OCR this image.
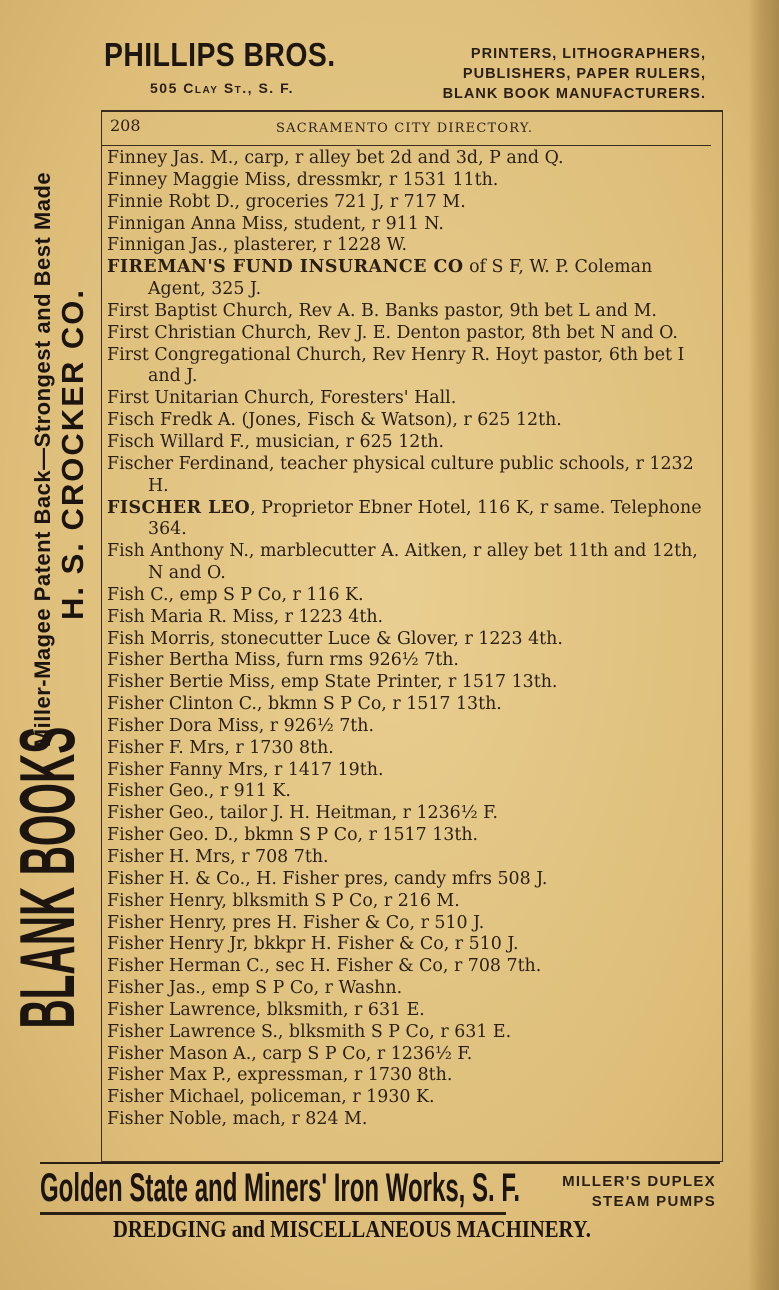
PHILLIPS BROS.
505 Clay St., S. F.
PRINTERS, LITHOGRAPHERS,
PUBLISHERS, PAPER RULERS,
BLANK BOOK MANUFACTURERS.
Miller-Magee Patent Back—Strongest and Best Made H. S. CROCKER CO.
BLANK BOOKS
208	SACRAMENTO CITY DIRECTORY.
Finney Jas. M., carp, r alley bet 2d and 3d, P and Q.
Finney Maggie Miss, dressmkr, r 1531 11th.
Finnie Robt D., groceries 721 J, r 717 M.
Finnigan Anna Miss, student, r 911 N.
Finnigan Jas., plasterer, r 1228 W.
FIREMAN'S FUND INSURANCE CO of S F, W. P. Coleman Agent, 325 J.
First Baptist Church, Rev A. B. Banks pastor, 9th bet L and M.
First Christian Church, Rev J. E. Denton pastor, 8th bet N and O.
First Congregational Church, Rev Henry R. Hoyt pastor, 6th bet I and J.
First Unitarian Church, Foresters' Hall.
Fisch Fredk A. (Jones, Fisch & Watson), r 625 12th.
Fisch Willard F., musician, r 625 12th.
Fischer Ferdinand, teacher physical culture public schools, r 1232 H.
FISCHER LEO, Proprietor Ebner Hotel, 116 K, r same. Telephone 364.
Fish Anthony N., marblecutter A. Aitken, r alley bet 11th and 12th, N and O.
Fish C., emp S P Co, r 116 K.
Fish Maria R. Miss, r 1223 4th.
Fish Morris, stonecutter Luce & Glover, r 1223 4th.
Fisher Bertha Miss, furn rms 926½ 7th.
Fisher Bertie Miss, emp State Printer, r 1517 13th.
Fisher Clinton C., bkmn S P Co, r 1517 13th.
Fisher Dora Miss, r 926½ 7th.
Fisher F. Mrs, r 1730 8th.
Fisher Fanny Mrs, r 1417 19th.
Fisher Geo., r 911 K.
Fisher Geo., tailor J. H. Heitman, r 1236½ F.
Fisher Geo. D., bkmn S P Co, r 1517 13th.
Fisher H. Mrs, r 708 7th.
Fisher H. & Co., H. Fisher pres, candy mfrs 508 J.
Fisher Henry, blksmith S P Co, r 216 M.
Fisher Henry, pres H. Fisher & Co, r 510 J.
Fisher Henry Jr, bkkpr H. Fisher & Co, r 510 J.
Fisher Herman C., sec H. Fisher & Co, r 708 7th.
Fisher Jas., emp S P Co, r Washn.
Fisher Lawrence, blksmith, r 631 E.
Fisher Lawrence S., blksmith S P Co, r 631 E.
Fisher Mason A., carp S P Co, r 1236½ F.
Fisher Max P., expressman, r 1730 8th.
Fisher Michael, policeman, r 1930 K.
Fisher Noble, mach, r 824 M.
Golden State and Miners' Iron Works, S. F.	MILLER'S DUPLEX
STEAM PUMPS
DREDGING and MISCELLANEOUS MACHINERY.
